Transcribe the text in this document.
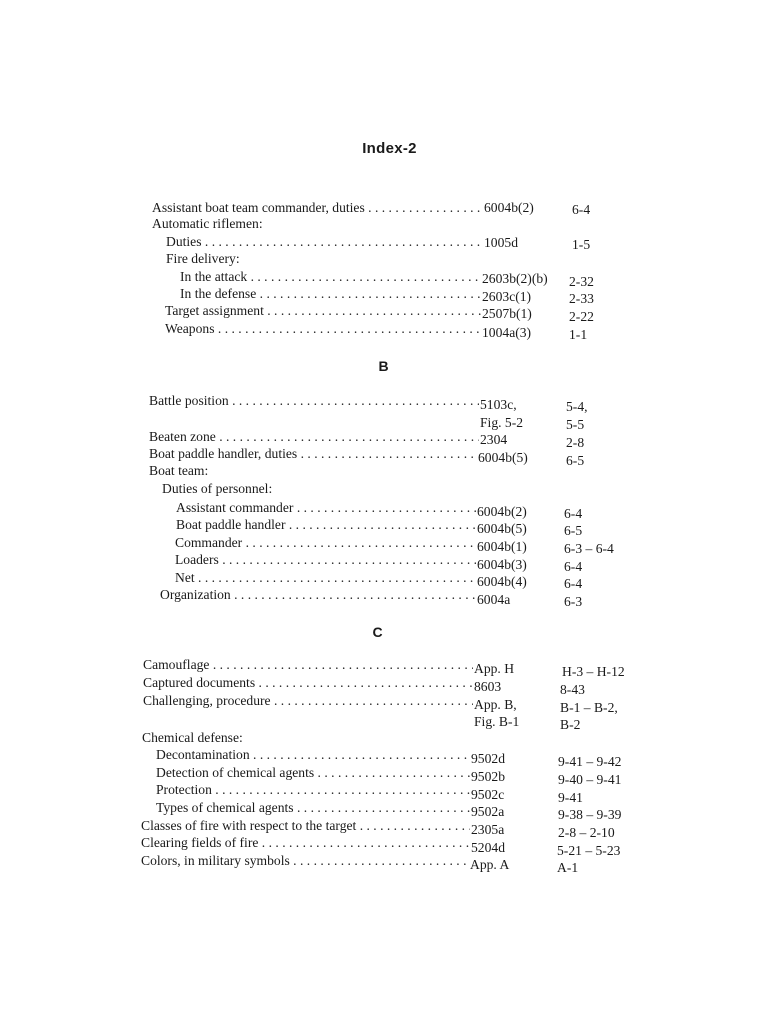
Index-2
Assistant boat team commander, duties . . .	6004b(2)	6-4
Automatic riflemen:
Duties . . .	1005d	1-5
Fire delivery:
In the attack . . .	2603b(2)(b) 2-32
In the defense . . .	2603c(1)	2-33
Target assignment . . .	2507b(1)	2-22
Weapons . . .	1004a(3)	1-1
B
Battle position . . .	5103c,	5-4,
Fig. 5-2	5-5
Beaten zone . . .	2304	2-8
Boat paddle handler, duties . . .	6004b(5)	6-5
Boat team:
Duties of personnel:
Assistant commander . . .	6004b(2)	6-4
Boat paddle handler . . .	6004b(5)	6-5
Commander . . .	6004b(1)	6-3 – 6-4
Loaders . . .	6004b(3)	6-4
Net . . .	6004b(4)	6-4
Organization . . .	6004a	6-3
C
Camouflage . . .	App. H	H-3 – H-12
Captured documents . . .	8603	8-43
Challenging, procedure . . .	App. B,	B-1 – B-2,
Fig. B-1	B-2
Chemical defense:
Decontamination . . .	9502d	9-41 – 9-42
Detection of chemical agents . . .	9502b	9-40 – 9-41
Protection . . .	9502c	9-41
Types of chemical agents . . .	9502a	9-38 – 9-39
Classes of fire with respect to the target . . .	2305a	2-8 – 2-10
Clearing fields of fire . . .	5204d	5-21 – 5-23
Colors, in military symbols . . .	App. A	A-1
